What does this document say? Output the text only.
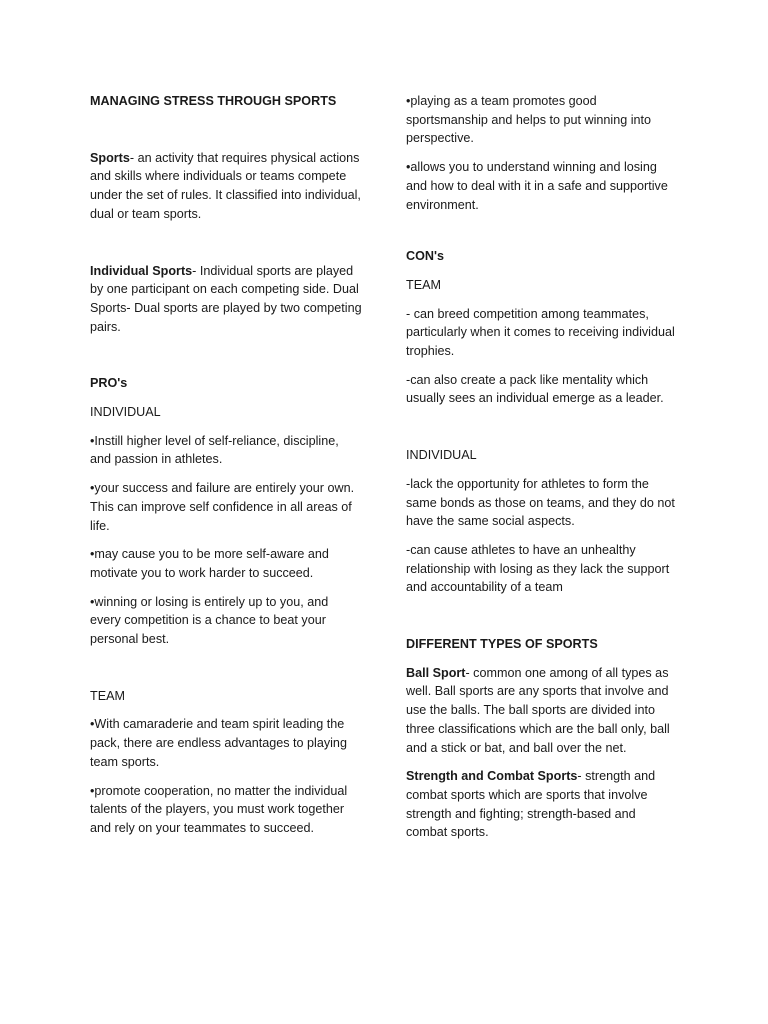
MANAGING STRESS THROUGH SPORTS

Sports- an activity that requires physical actions and skills where individuals or teams compete under the set of rules. It classified into individual, dual or team sports.

Individual Sports- Individual sports are played by one participant on each competing side. Dual Sports- Dual sports are played by two competing pairs.

PRO's

INDIVIDUAL

•Instill higher level of self-reliance, discipline, and passion in athletes.

•your success and failure are entirely your own. This can improve self confidence in all areas of life.

•may cause you to be more self-aware and motivate you to work harder to succeed.

•winning or losing is entirely up to you, and every competition is a chance to beat your personal best.

TEAM

•With camaraderie and team spirit leading the pack, there are endless advantages to playing team sports.

•promote cooperation, no matter the individual talents of the players, you must work together and rely on your teammates to succeed.

•playing as a team promotes good sportsmanship and helps to put winning into perspective.

•allows you to understand winning and losing and how to deal with it in a safe and supportive environment.

CON's

TEAM

- can breed competition among teammates, particularly when it comes to receiving individual trophies.

-can also create a pack like mentality which usually sees an individual emerge as a leader.

INDIVIDUAL

-lack the opportunity for athletes to form the same bonds as those on teams, and they do not have the same social aspects.

-can cause athletes to have an unhealthy relationship with losing as they lack the support and accountability of a team

DIFFERENT TYPES OF SPORTS

Ball Sport- common one among of all types as well. Ball sports are any sports that involve and use the balls. The ball sports are divided into three classifications which are the ball only, ball and a stick or bat, and ball over the net.

Strength and Combat Sports- strength and combat sports which are sports that involve strength and fighting; strength-based and combat sports.
